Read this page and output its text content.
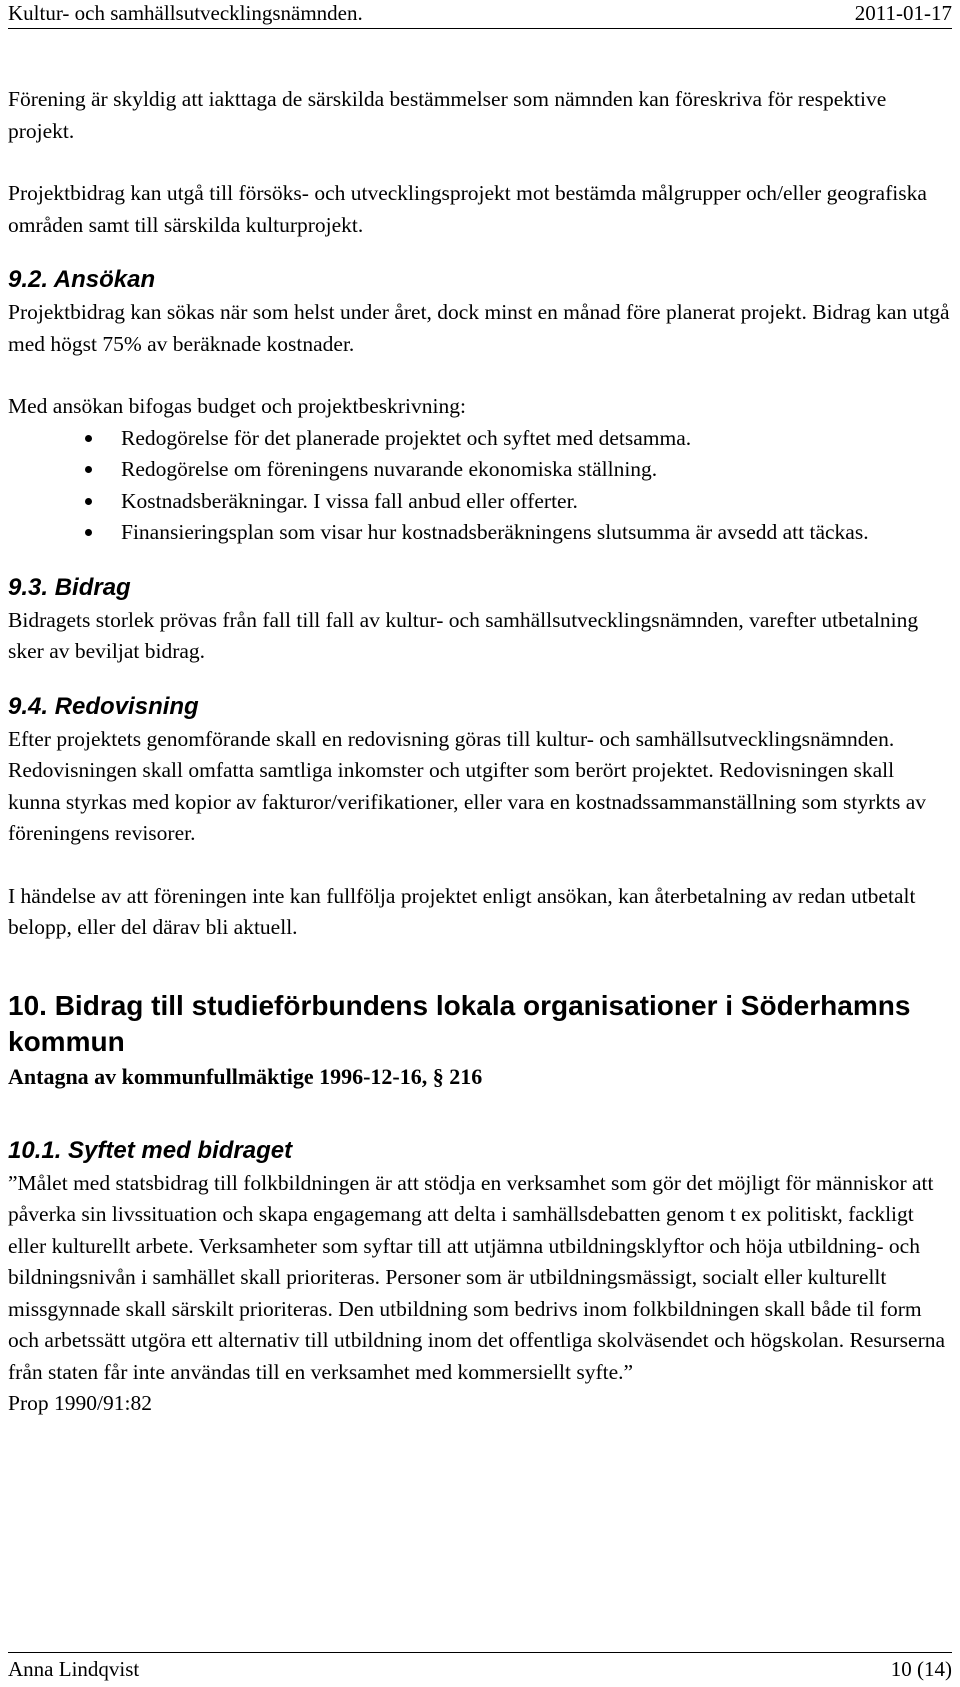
Kultur- och samhällsutvecklingsnämnden.	2011-01-17

Förening är skyldig att iakttaga de särskilda bestämmelser som nämnden kan föreskriva för respektive projekt.

Projektbidrag kan utgå till försöks- och utvecklingsprojekt mot bestämda målgrupper och/eller geografiska områden samt till särskilda kulturprojekt.

9.2. Ansökan

Projektbidrag kan sökas när som helst under året, dock minst en månad före planerat projekt. Bidrag kan utgå med högst 75% av beräknade kostnader.

Med ansökan bifogas budget och projektbeskrivning:

Redogörelse för det planerade projektet och syftet med detsamma.
Redogörelse om föreningens nuvarande ekonomiska ställning.
Kostnadsberäkningar. I vissa fall anbud eller offerter.
Finansieringsplan som visar hur kostnadsberäkningens slutsumma är avsedd att täckas.
9.3. Bidrag

Bidragets storlek prövas från fall till fall av kultur- och samhällsutvecklingsnämnden, varefter utbetalning sker av beviljat bidrag.

9.4. Redovisning

Efter projektets genomförande skall en redovisning göras till kultur- och samhällsutvecklingsnämnden. Redovisningen skall omfatta samtliga inkomster och utgifter som berört projektet. Redovisningen skall kunna styrkas med kopior av fakturor/verifikationer, eller vara en kostnadssammanställning som styrkts av föreningens revisorer.

I händelse av att föreningen inte kan fullfölja projektet enligt ansökan, kan återbetalning av redan utbetalt belopp, eller del därav bli aktuell.

10. Bidrag till studieförbundens lokala organisationer i Söderhamns kommun

Antagna av kommunfullmäktige 1996-12-16, § 216

10.1. Syftet med bidraget

”Målet med statsbidrag till folkbildningen är att stödja en verksamhet som gör det möjligt för människor att påverka sin livssituation och skapa engagemang att delta i samhällsdebatten genom t ex politiskt, fackligt eller kulturellt arbete. Verksamheter som syftar till att utjämna utbildningsklyftor och höja utbildning- och bildningsnivån i samhället skall prioriteras. Personer som är utbildningsmässigt, socialt eller kulturellt missgynnade skall särskilt prioriteras. Den utbildning som bedrivs inom folkbildningen skall både til form och arbetssätt utgöra ett alternativ till utbildning inom det offentliga skolväsendet och högskolan. Resurserna från staten får inte användas till en verksamhet med kommersiellt syfte.”

Prop 1990/91:82

Anna Lindqvist	10 (14)
